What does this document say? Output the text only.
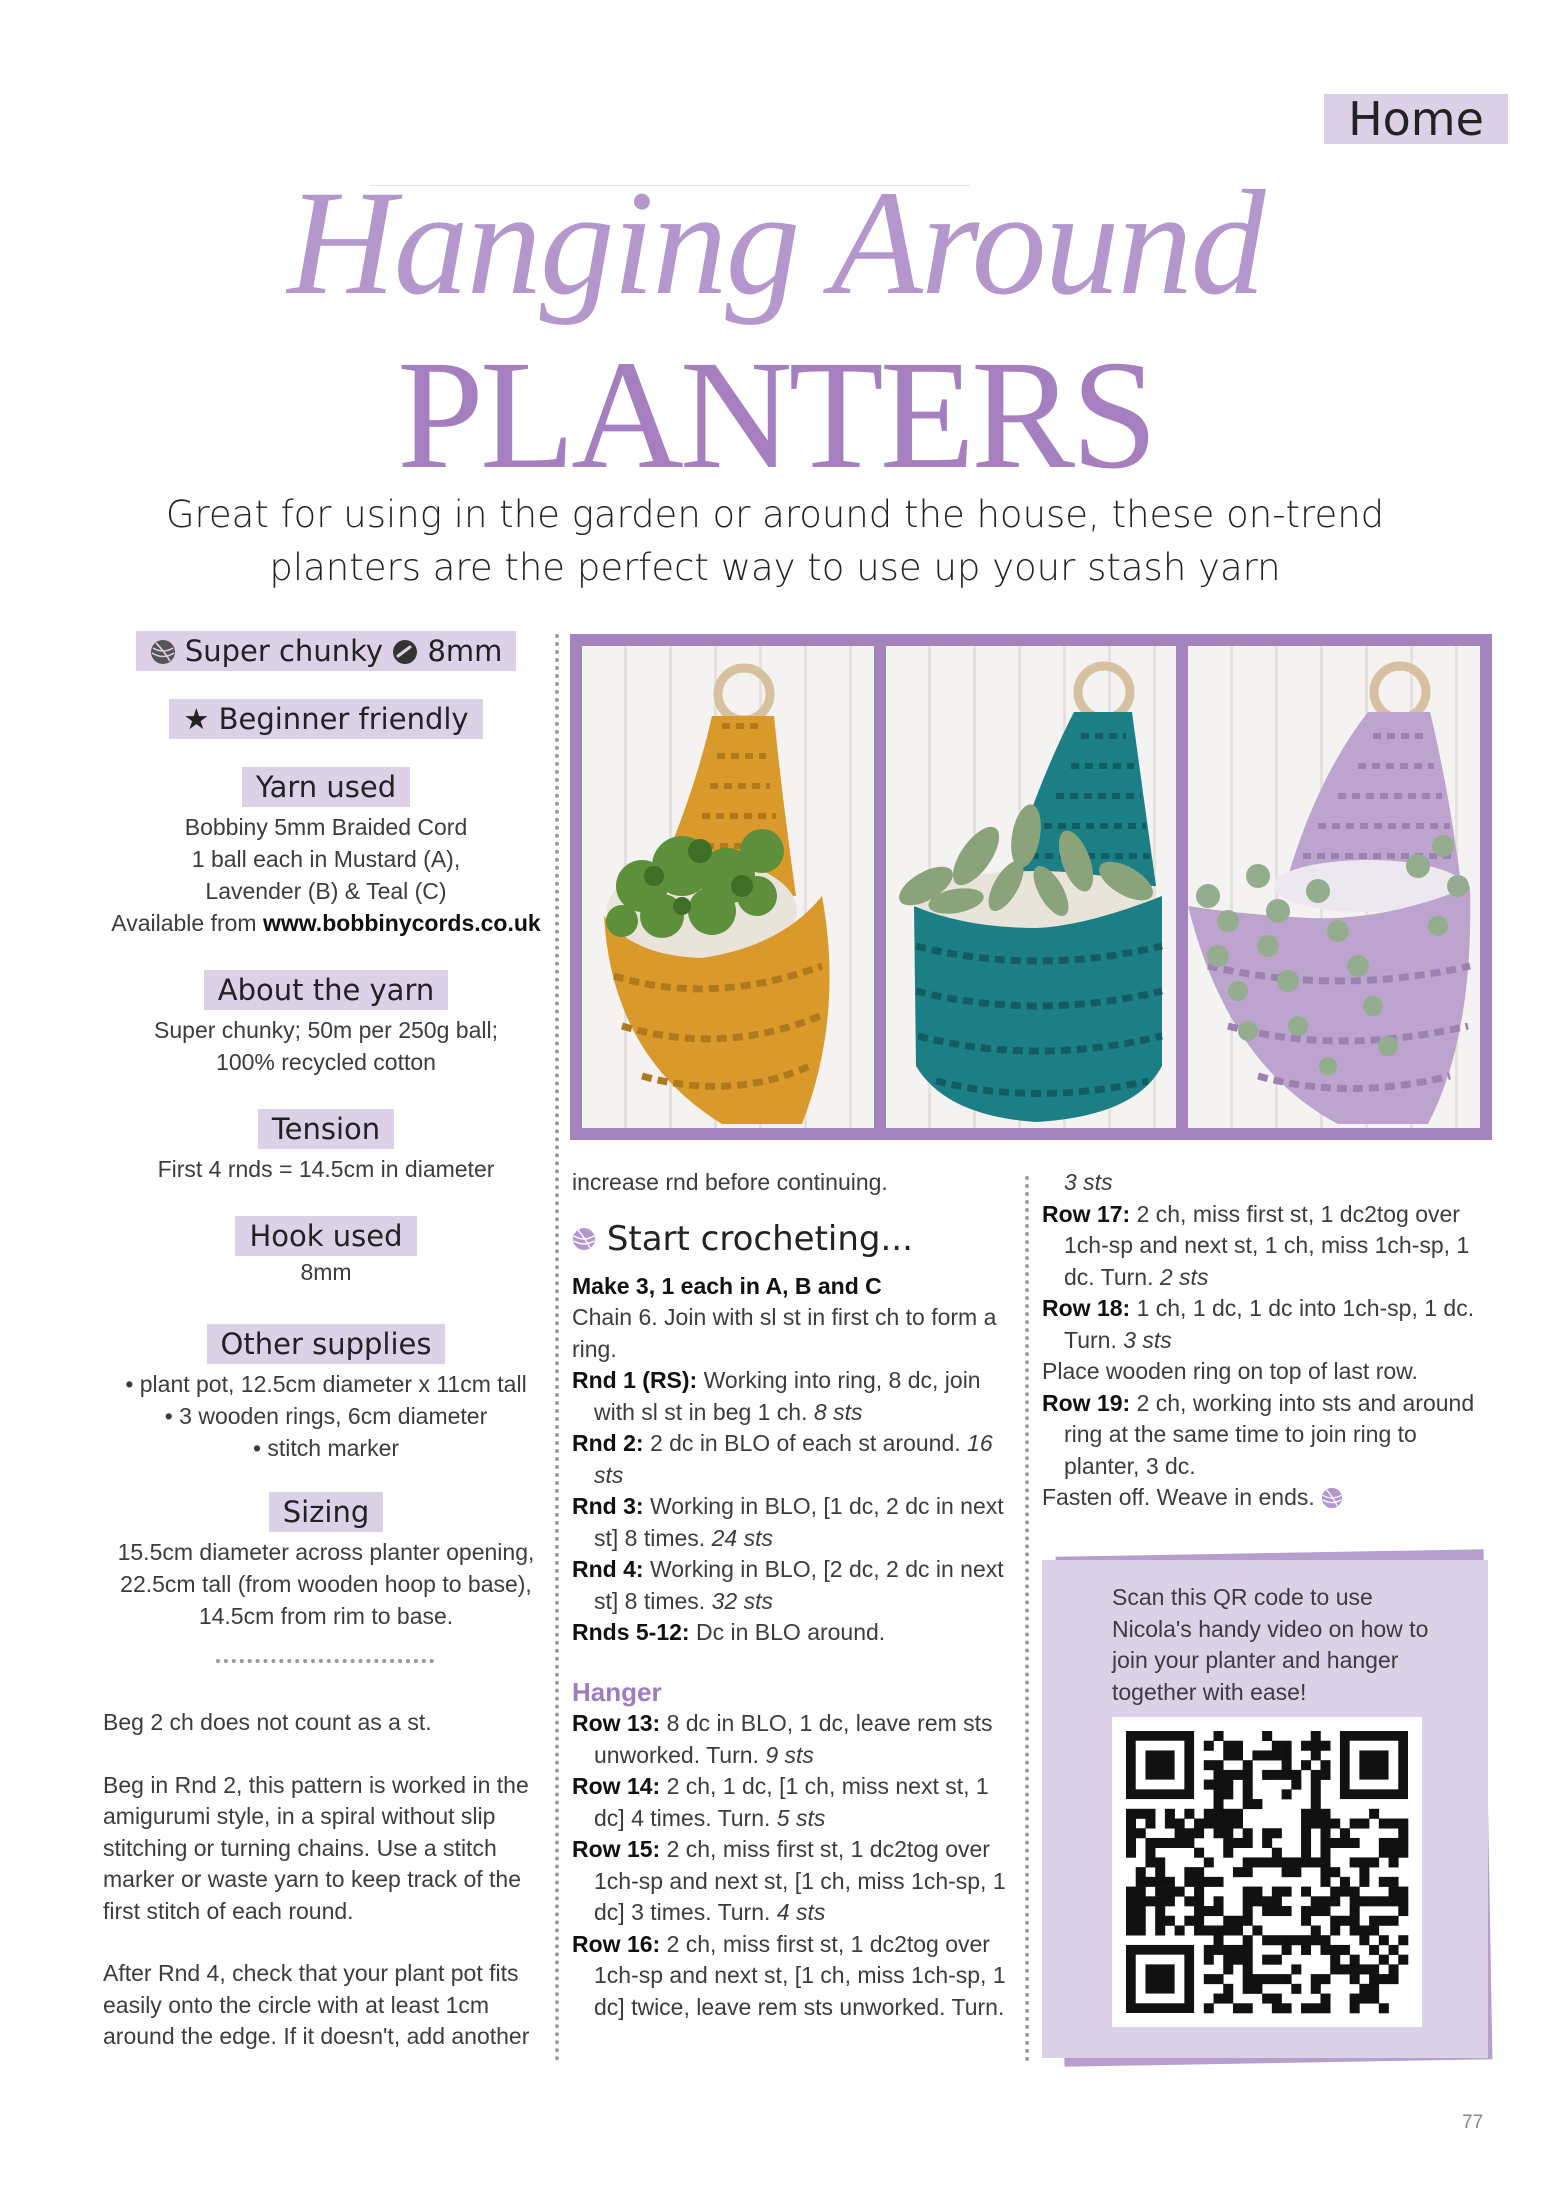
Home
Hanging Around
PLANTERS
Great for using in the garden or around the house, these on-trend
planters are the perfect way to use up your stash yarn
Super chunky 8mm
★ Beginner friendly
Yarn used
Bobbiny 5mm Braided Cord
1 ball each in Mustard (A),
Lavender (B) & Teal (C)
Available from www.bobbinycords.co.uk
About the yarn
Super chunky; 50m per 250g ball;
100% recycled cotton
Tension
First 4 rnds = 14.5cm in diameter
Hook used
8mm
Other supplies
• plant pot, 12.5cm diameter x 11cm tall
• 3 wooden rings, 6cm diameter
• stitch marker
Sizing
15.5cm diameter across planter opening,
22.5cm tall (from wooden hoop to base),
14.5cm from rim to base.

Beg 2 ch does not count as a st.

Beg in Rnd 2, this pattern is worked in the amigurumi style, in a spiral without slip stitching or turning chains. Use a stitch marker or waste yarn to keep track of the first stitch of each round.

After Rnd 4, check that your plant pot fits easily onto the circle with at least 1cm around the edge. If it doesn't, add another

increase rnd before continuing.
Start crocheting...
Make 3, 1 each in A, B and C
Chain 6. Join with sl st in first ch to form a ring.
Rnd 1 (RS): Working into ring, 8 dc, join with sl st in beg 1 ch. 8 sts
Rnd 2: 2 dc in BLO of each st around. 16 sts
Rnd 3: Working in BLO, [1 dc, 2 dc in next st] 8 times. 24 sts
Rnd 4: Working in BLO, [2 dc, 2 dc in next st] 8 times. 32 sts
Rnds 5-12: Dc in BLO around.
Hanger
Row 13: 8 dc in BLO, 1 dc, leave rem sts unworked. Turn. 9 sts
Row 14: 2 ch, 1 dc, [1 ch, miss next st, 1 dc] 4 times. Turn. 5 sts
Row 15: 2 ch, miss first st, 1 dc2tog over 1ch-sp and next st, [1 ch, miss 1ch-sp, 1 dc] 3 times. Turn. 4 sts
Row 16: 2 ch, miss first st, 1 dc2tog over 1ch-sp and next st, [1 ch, miss 1ch-sp, 1 dc] twice, leave rem sts unworked. Turn.
3 sts
Row 17: 2 ch, miss first st, 1 dc2tog over 1ch-sp and next st, 1 ch, miss 1ch-sp, 1 dc. Turn. 2 sts
Row 18: 1 ch, 1 dc, 1 dc into 1ch-sp, 1 dc. Turn. 3 sts
Place wooden ring on top of last row.
Row 19: 2 ch, working into sts and around ring at the same time to join ring to planter, 3 dc.
Fasten off. Weave in ends.
Scan this QR code to use Nicola's handy video on how to join your planter and hanger together with ease!
77
